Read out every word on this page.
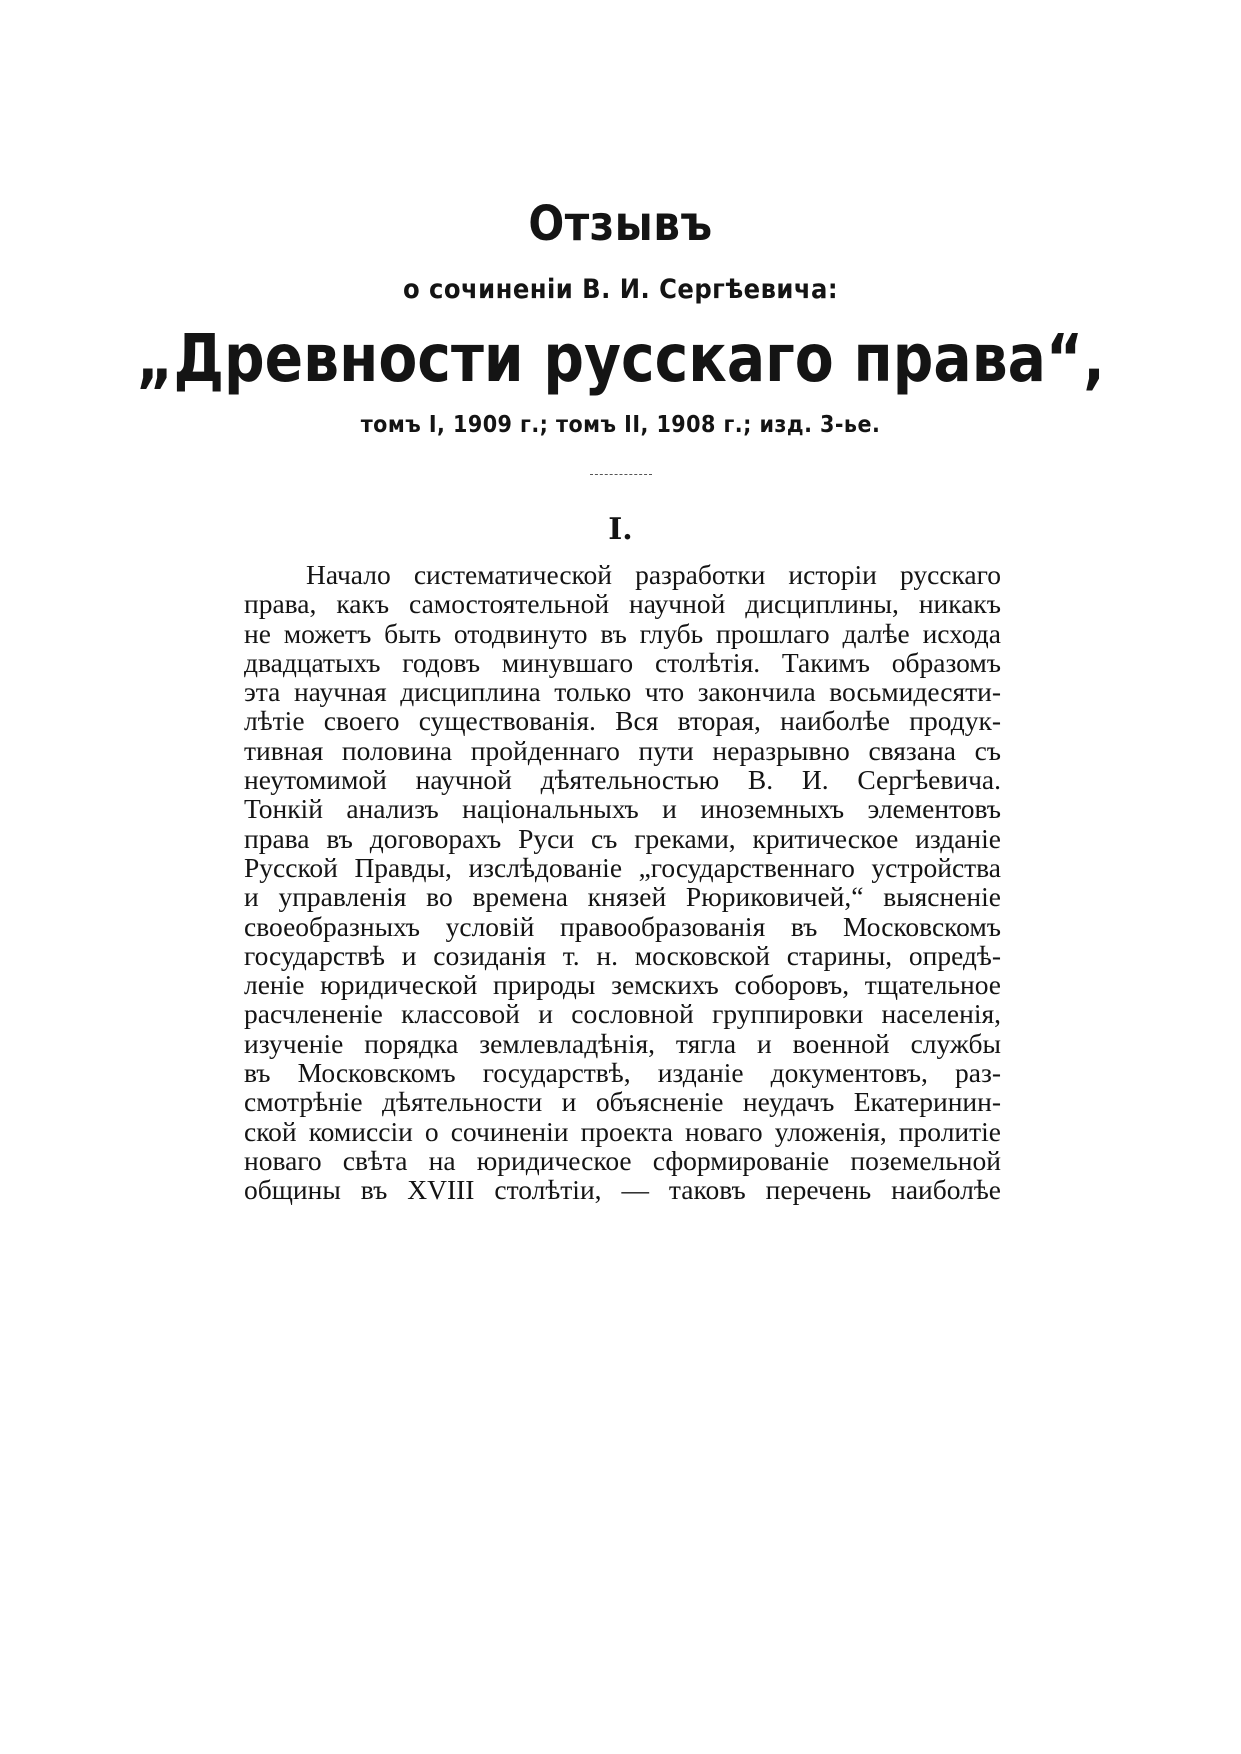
Отзывъ
о сочиненіи В. И. Сергѣевича:
„Древности русскаго права“,
томъ I, 1909 г.; томъ II, 1908 г.; изд. 3-ье.
I.
Начало систематической разработки исторіи русскаго
права, какъ самостоятельной научной дисциплины, никакъ
не можетъ быть отодвинуто въ глубь прошлаго далѣе исхода
двадцатыхъ годовъ минувшаго столѣтія. Такимъ образомъ
эта научная дисциплина только что закончила восьмидесяти-
лѣтіе своего существованія. Вся вторая, наиболѣе продук-
тивная половина пройденнаго пути неразрывно связана съ
неутомимой научной дѣятельностью В. И. Сергѣевича.
Тонкій анализъ національныхъ и иноземныхъ элементовъ
права въ договорахъ Руси съ греками, критическое изданіе
Русской Правды, изслѣдованіе „государственнаго устройства
и управленія во времена князей Рюриковичей,“ выясненіе
своеобразныхъ условій правообразованія въ Московскомъ
государствѣ и созиданія т. н. московской старины, опредѣ-
леніе юридической природы земскихъ соборовъ, тщательное
расчлененіе классовой и сословной группировки населенія,
изученіе порядка землевладѣнія, тягла и военной службы
въ Московскомъ государствѣ, изданіе документовъ, раз-
смотрѣніе дѣятельности и объясненіе неудачъ Екатеринин-
ской комиссіи о сочиненіи проекта новаго уложенія, пролитіе
новаго свѣта на юридическое сформированіе поземельной
общины въ XVIII столѣтіи, — таковъ перечень наиболѣе
